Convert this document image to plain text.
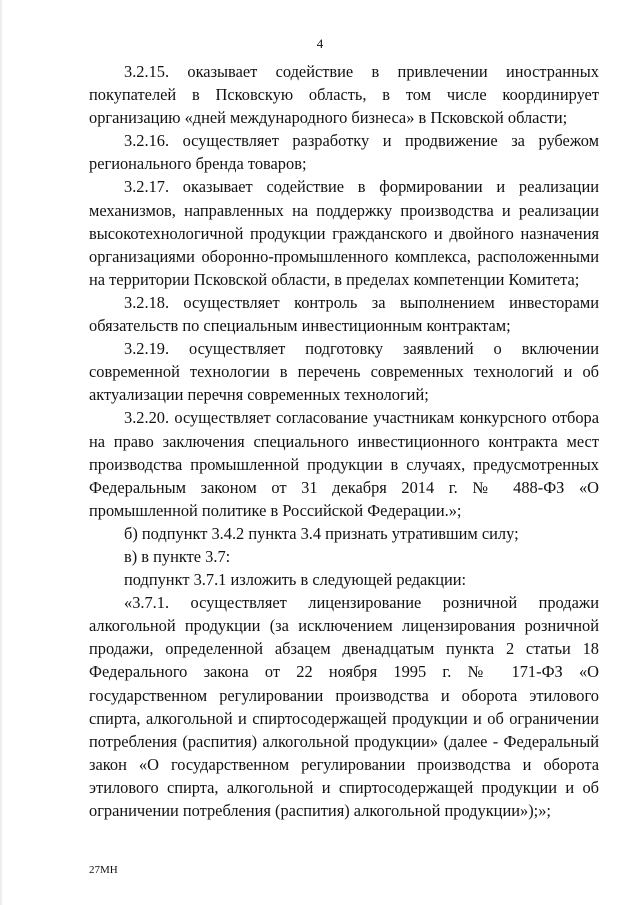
4

3.2.15. оказывает содействие в привлечении иностранных покупателей в Псковскую область, в том числе координирует организацию «дней международного бизнеса» в Псковской области;

3.2.16. осуществляет разработку и продвижение за рубежом регионального бренда товаров;

3.2.17. оказывает содействие в формировании и реализации механизмов, направленных на поддержку производства и реализации высокотехнологичной продукции гражданского и двойного назначения организациями оборонно-промышленного комплекса, расположенными на территории Псковской области, в пределах компетенции Комитета;

3.2.18. осуществляет контроль за выполнением инвесторами обязательств по специальным инвестиционным контрактам;

3.2.19. осуществляет подготовку заявлений о включении современной технологии в перечень современных технологий и об актуализации перечня современных технологий;

3.2.20. осуществляет согласование участникам конкурсного отбора на право заключения специального инвестиционного контракта мест производства промышленной продукции в случаях, предусмотренных Федеральным законом от 31 декабря 2014 г. № 488-ФЗ «О промышленной политике в Российской Федерации.»;

б) подпункт 3.4.2 пункта 3.4 признать утратившим силу;

в) в пункте 3.7:

подпункт 3.7.1 изложить в следующей редакции:

«3.7.1. осуществляет лицензирование розничной продажи алкогольной продукции (за исключением лицензирования розничной продажи, определенной абзацем двенадцатым пункта 2 статьи 18 Федерального закона от 22 ноября 1995 г. № 171-ФЗ «О государственном регулировании производства и оборота этилового спирта, алкогольной и спиртосодержащей продукции и об ограничении потребления (распития) алкогольной продукции» (далее - Федеральный закон «О государственном регулировании производства и оборота этилового спирта, алкогольной и спиртосодержащей продукции и об ограничении потребления (распития) алкогольной продукции»);»;

27МН
